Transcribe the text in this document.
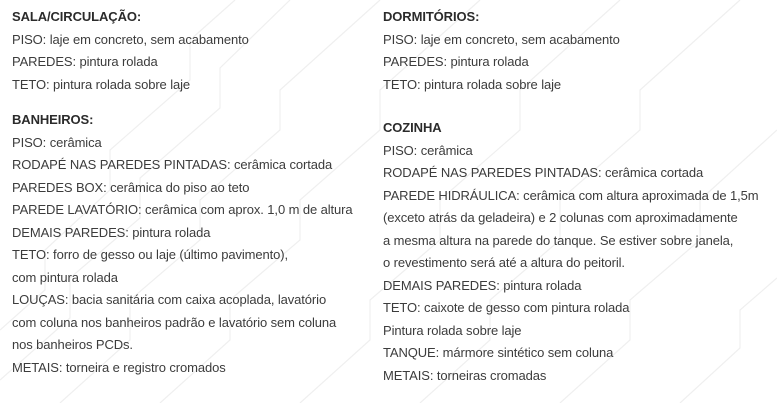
SALA/CIRCULAÇÃO:
PISO: laje em concreto, sem acabamento
PAREDES: pintura rolada
TETO: pintura rolada sobre laje
BANHEIROS:
PISO: cerâmica
RODAPÉ NAS PAREDES PINTADAS: cerâmica cortada
PAREDES BOX: cerâmica do piso ao teto
PAREDE LAVATÓRIO: cerâmica com aprox. 1,0 m de altura
DEMAIS PAREDES: pintura rolada
TETO: forro de gesso ou laje (último pavimento),
com pintura rolada
LOUÇAS: bacia sanitária com caixa acoplada, lavatório
com coluna nos banheiros padrão e lavatório sem coluna
nos banheiros PCDs.
METAIS: torneira e registro cromados
DORMITÓRIOS:
PISO: laje em concreto, sem acabamento
PAREDES: pintura rolada
TETO: pintura rolada sobre laje
COZINHA
PISO: cerâmica
RODAPÉ NAS PAREDES PINTADAS: cerâmica cortada
PAREDE HIDRÁULICA: cerâmica com altura aproximada de 1,5m
(exceto atrás da geladeira) e 2 colunas com aproximadamente
a mesma altura na parede do tanque. Se estiver sobre janela,
o revestimento será até a altura do peitoril.
DEMAIS PAREDES: pintura rolada
TETO: caixote de gesso com pintura rolada
Pintura rolada sobre laje
TANQUE: mármore sintético sem coluna
METAIS: torneiras cromadas
